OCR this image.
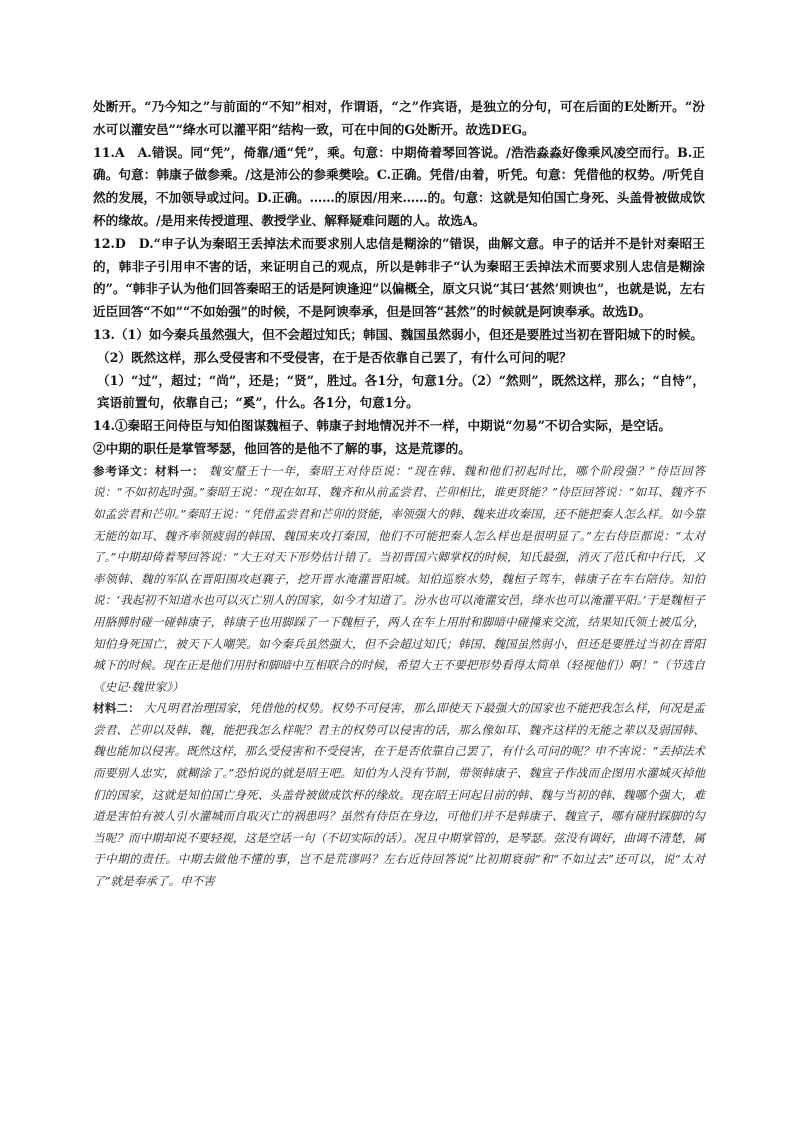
处断开。“乃今知之”与前面的“不知”相对，作谓语，“之”作宾语，是独立的分句，可在后面的E处断开。“汾水可以灌安邑”“绛水可以灌平阳”结构一致，可在中间的G处断开。故选DEG。

11.A　A.错误。同“凭”，倚靠/通“凭”，乘。句意：中期倚着琴回答说。/浩浩淼淼好像乘风凌空而行。B.正确。句意：韩康子做参乘。/这是沛公的参乘樊哙。C.正确。凭借/由着，听凭。句意：凭借他的权势。/听凭自然的发展，不加领导或过问。D.正确。……的原因/用来……的。句意：这就是知伯国亡身死、头盖骨被做成饮杯的缘故。/是用来传授道理、教授学业、解释疑难问题的人。故选A。

12.D　D.“申子认为秦昭王丢掉法术而要求别人忠信是糊涂的”错误，曲解文意。申子的话并不是针对秦昭王的，韩非子引用申不害的话，来证明自己的观点，所以是韩非子“认为秦昭王丢掉法术而要求别人忠信是糊涂的”。“韩非子认为他们回答秦昭王的话是阿谀逢迎”以偏概全，原文只说“其曰‘甚然’则谀也”，也就是说，左右近臣回答“不如”“不如始强”的时候，不是阿谀奉承，但是回答“甚然”的时候就是阿谀奉承。故选D。

13.（1）如今秦兵虽然强大，但不会超过知氏；韩国、魏国虽然弱小，但还是要胜过当初在晋阳城下的时候。

（2）既然这样，那么受侵害和不受侵害，在于是否依靠自己罢了，有什么可问的呢？

（1）“过”，超过；“尚”，还是；“贤”，胜过。各1分，句意1分。（2）“然则”，既然这样，那么；“自恃”，宾语前置句，依靠自己；“奚”，什么。各1分，句意1分。

14.①秦昭王问侍臣与知伯图谋魏桓子、韩康子封地情况并不一样，中期说“勿易”不切合实际，是空话。

②中期的职任是掌管琴瑟，他回答的是他不了解的事，这是荒谬的。

参考译文：材料一： 魏安釐王十一年，秦昭王对侍臣说：“现在韩、魏和他们初起时比，哪个阶段强？”侍臣回答说：“不如初起时强。”秦昭王说：“现在如耳、魏齐和从前孟尝君、芒卯相比，谁更贤能？”侍臣回答说：“如耳、魏齐不如孟尝君和芒卯。”秦昭王说：“凭借孟尝君和芒卯的贤能，率领强大的韩、魏来进攻秦国，还不能把秦人怎么样。如今靠无能的如耳、魏齐率领疲弱的韩国、魏国来攻打秦国，他们不可能把秦人怎么样也是很明显了。”左右侍臣都说：“太对了。”中期却倚着琴回答说：“大王对天下形势估计错了。当初晋国六卿掌权的时候，知氏最强，消灭了范氏和中行氏，又率领韩、魏的军队在晋阳围攻赵襄子，挖开晋水淹灌晋阳城。知伯巡察水势，魏桓子驾车，韩康子在车右陪侍。知伯说：‘我起初不知道水也可以灭亡别人的国家，如今才知道了。汾水也可以淹灌安邑，绛水也可以淹灌平阳。’于是魏桓子用胳膊肘碰一碰韩康子，韩康子也用脚踩了一下魏桓子，两人在车上用肘和脚暗中碰撞来交流，结果知氏领土被瓜分，知伯身死国亡，被天下人嘲笑。如今秦兵虽然强大，但不会超过知氏；韩国、魏国虽然弱小，但还是要胜过当初在晋阳城下的时候。现在正是他们用肘和脚暗中互相联合的时候，希望大王不要把形势看得太简单（轻视他们）啊！”（节选自《史记·魏世家》）

材料二： 大凡明君治理国家，凭借他的权势。权势不可侵害，那么即使天下最强大的国家也不能把我怎么样，何况是孟尝君、芒卯以及韩、魏，能把我怎么样呢？君主的权势可以侵害的话，那么像如耳、魏齐这样的无能之辈以及弱国韩、魏也能加以侵害。既然这样，那么受侵害和不受侵害，在于是否依靠自己罢了，有什么可问的呢？申不害说：“丢掉法术而要别人忠实，就糊涂了。”恐怕说的就是昭王吧。知伯为人没有节制，带领韩康子、魏宣子作战而企图用水灌城灭掉他们的国家，这就是知伯国亡身死、头盖骨被做成饮杯的缘故。现在昭王问起目前的韩、魏与当初的韩、魏哪个强大，难道是害怕有被人引水灌城而自取灭亡的祸患吗？虽然有侍臣在身边，可他们并不是韩康子、魏宣子，哪有碰肘踩脚的勾当呢？而中期却说不要轻视，这是空话一句（不切实际的话）。况且中期掌管的，是琴瑟。弦没有调好，曲调不清楚，属于中期的责任。中期去做他不懂的事，岂不是荒谬吗？左右近侍回答说“比初期衰弱”和“不如过去”还可以，说“太对了”就是奉承了。申不害
